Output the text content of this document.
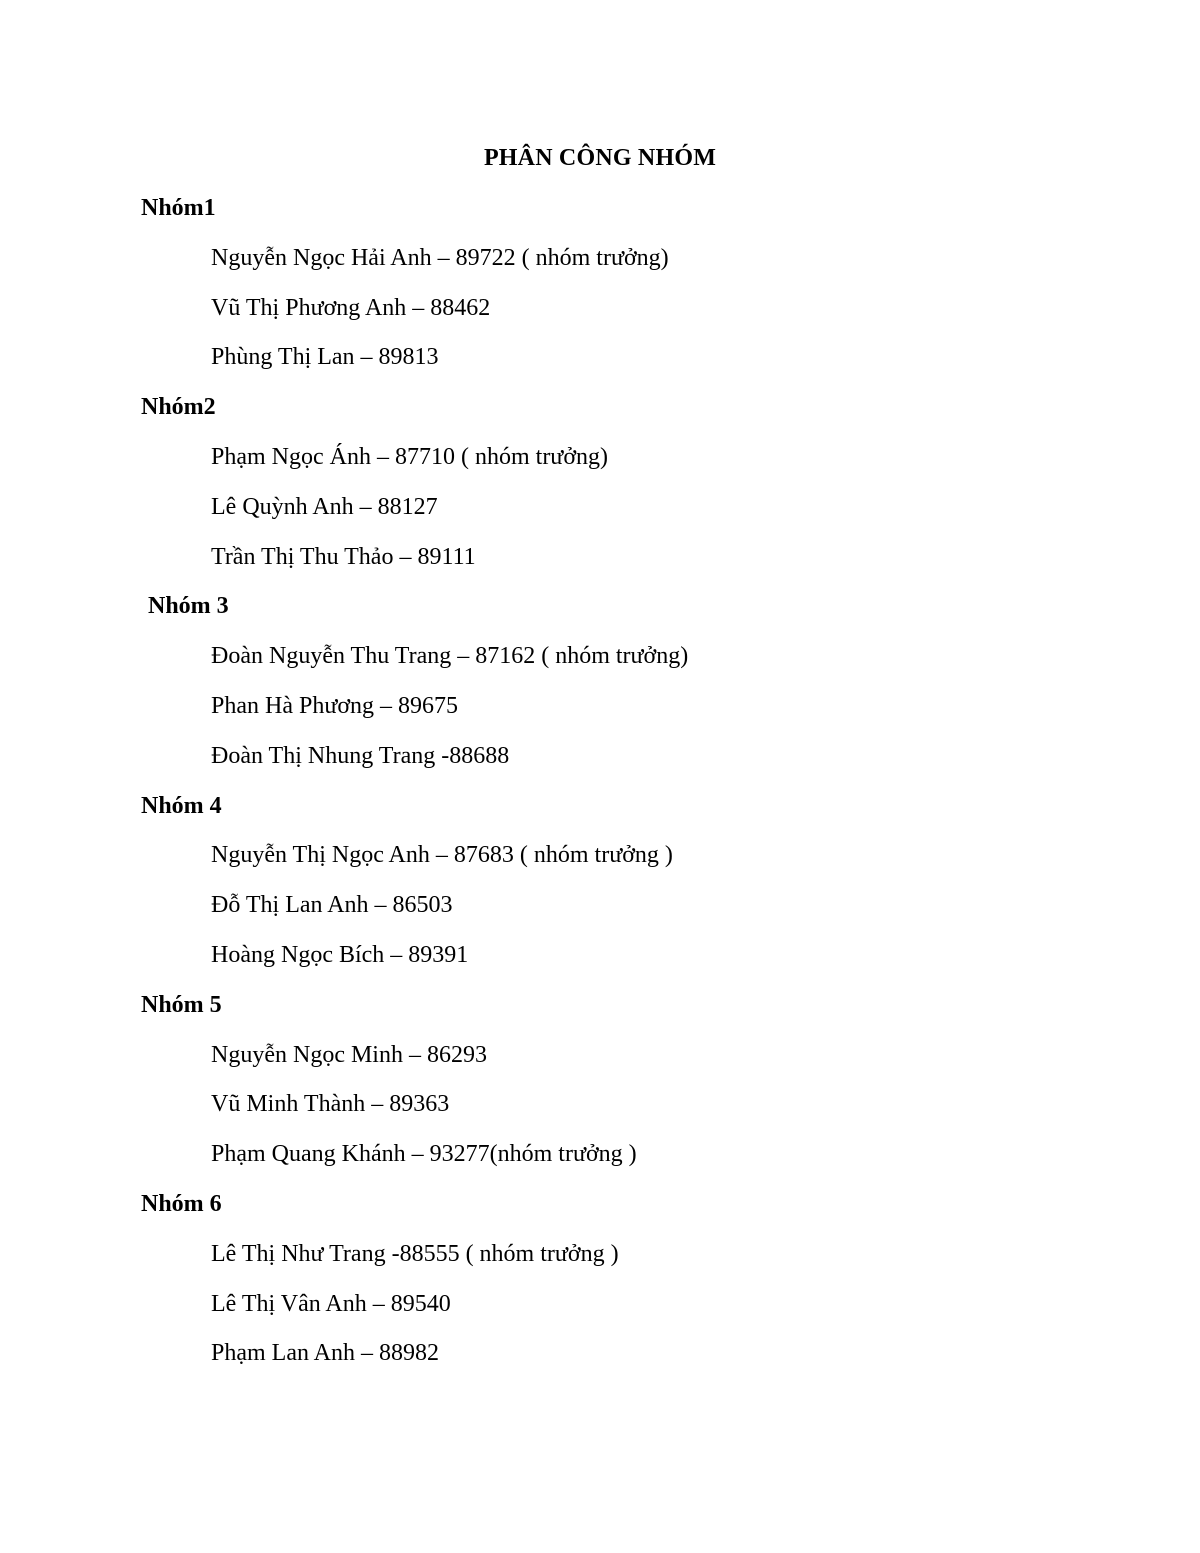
PHÂN CÔNG NHÓM
Nhóm1
Nguyễn Ngọc Hải Anh – 89722 ( nhóm trưởng)
Vũ Thị Phương Anh – 88462
Phùng Thị Lan – 89813
Nhóm2
Phạm Ngọc Ánh – 87710 ( nhóm trưởng)
Lê Quỳnh Anh – 88127
Trần Thị Thu Thảo – 89111
Nhóm 3
Đoàn Nguyễn Thu Trang – 87162 ( nhóm trưởng)
Phan Hà Phương – 89675
Đoàn Thị Nhung Trang -88688
Nhóm 4
Nguyễn Thị Ngọc Anh – 87683 ( nhóm trưởng )
Đỗ Thị Lan Anh – 86503
Hoàng Ngọc Bích – 89391
Nhóm 5
Nguyễn Ngọc Minh – 86293
Vũ Minh Thành – 89363
Phạm Quang Khánh – 93277(nhóm trưởng )
Nhóm 6
Lê Thị Như Trang -88555 ( nhóm trưởng )
Lê Thị Vân Anh – 89540
Phạm Lan Anh – 88982
